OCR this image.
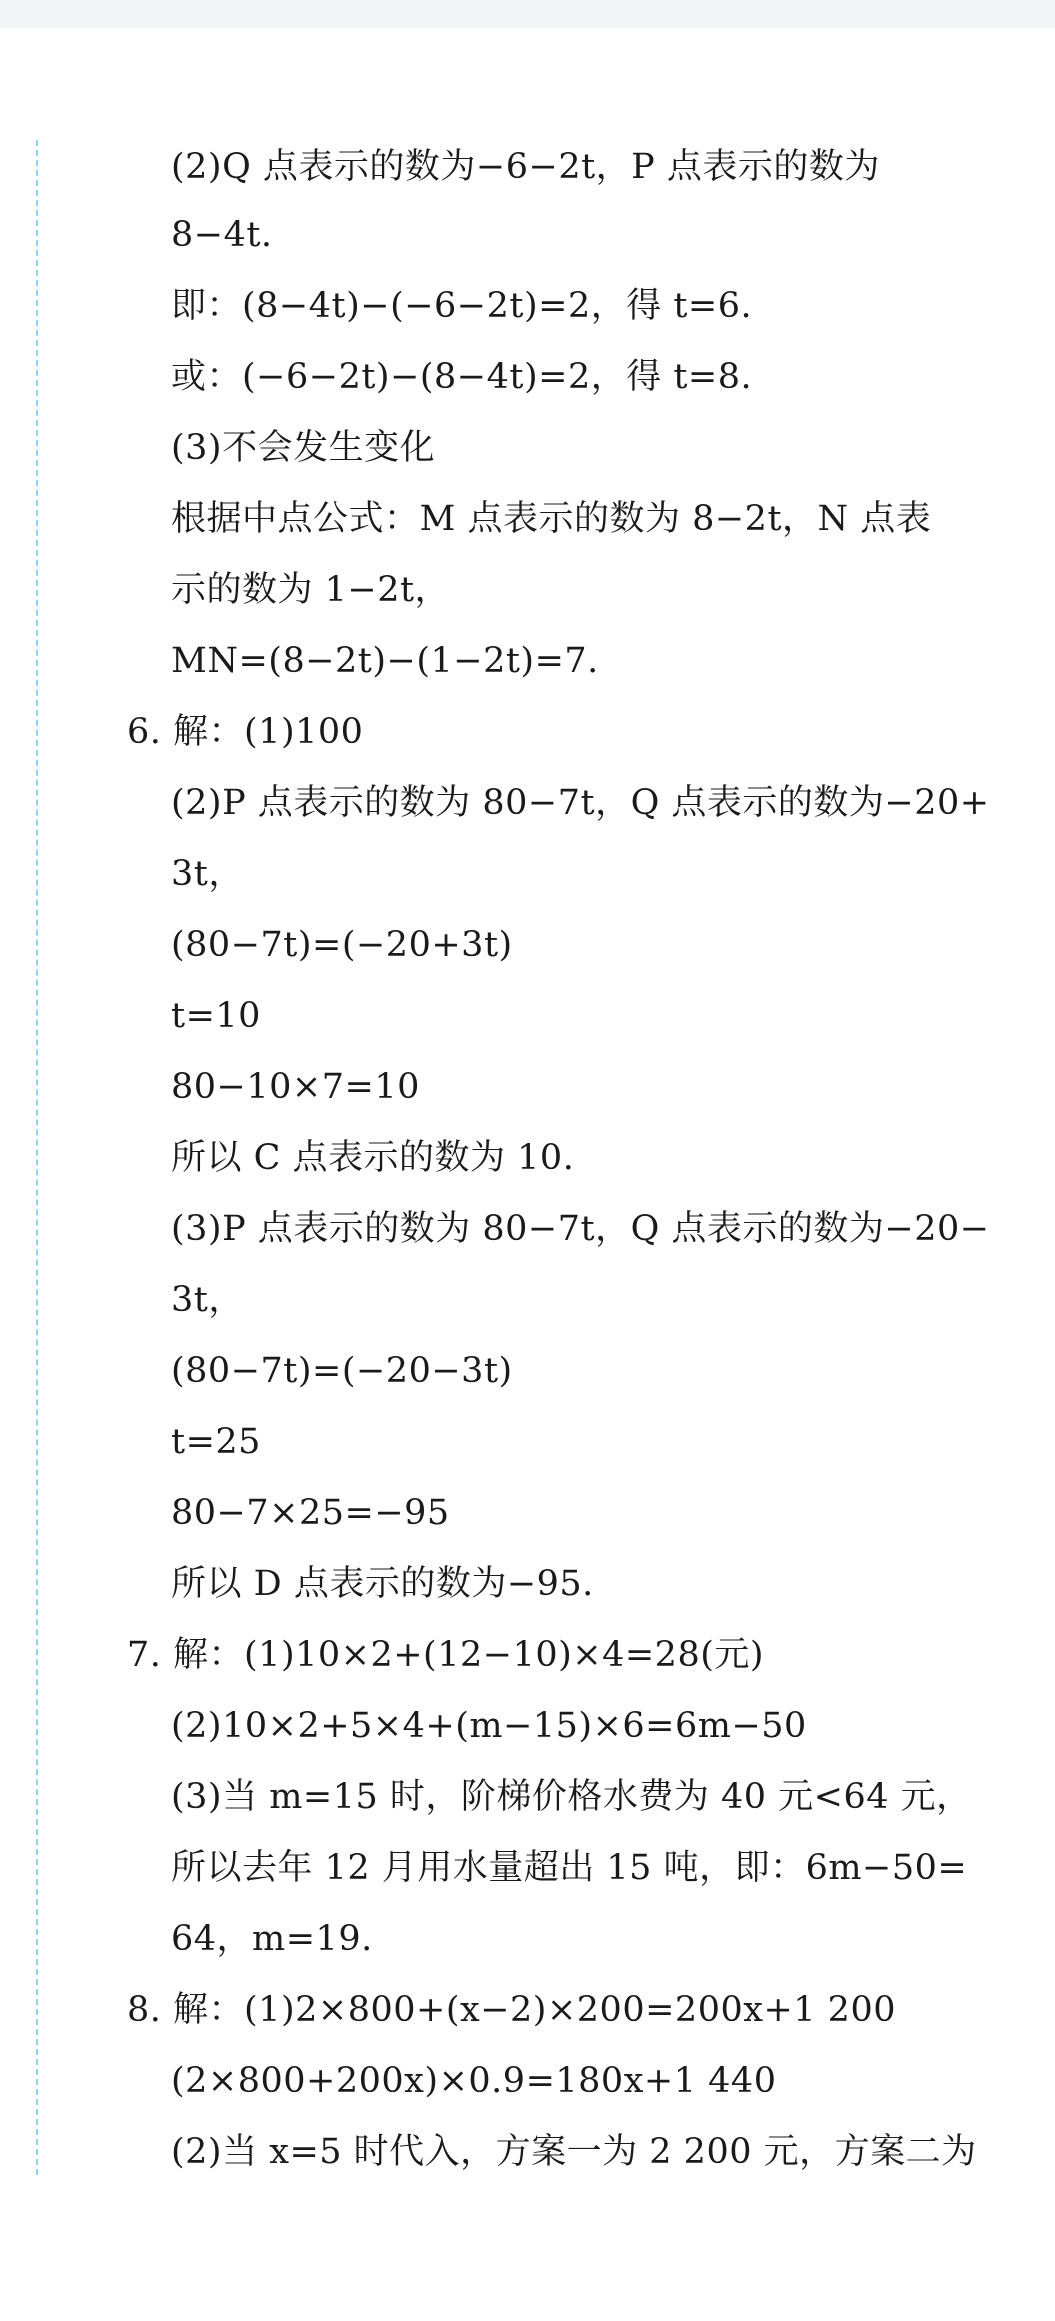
(2)Q 点表示的数为−6−2t，P 点表示的数为
8−4t.
即：(8−4t)−(−6−2t)=2，得 t=6.
或：(−6−2t)−(8−4t)=2，得 t=8.
(3)不会发生变化
根据中点公式：M 点表示的数为 8−2t，N 点表
示的数为 1−2t，
MN=(8−2t)−(1−2t)=7.
6. 解：(1)100
(2)P 点表示的数为 80−7t，Q 点表示的数为−20+
3t，
(80−7t)=(−20+3t)
t=10
80−10×7=10
所以 C 点表示的数为 10.
(3)P 点表示的数为 80−7t，Q 点表示的数为−20−
3t，
(80−7t)=(−20−3t)
t=25
80−7×25=−95
所以 D 点表示的数为−95.
7. 解：(1)10×2+(12−10)×4=28(元)
(2)10×2+5×4+(m−15)×6=6m−50
(3)当 m=15 时，阶梯价格水费为 40 元<64 元，
所以去年 12 月用水量超出 15 吨，即：6m−50=
64，m=19.
8. 解：(1)2×800+(x−2)×200=200x+1 200
(2×800+200x)×0.9=180x+1 440
(2)当 x=5 时代入，方案一为 2 200 元，方案二为
